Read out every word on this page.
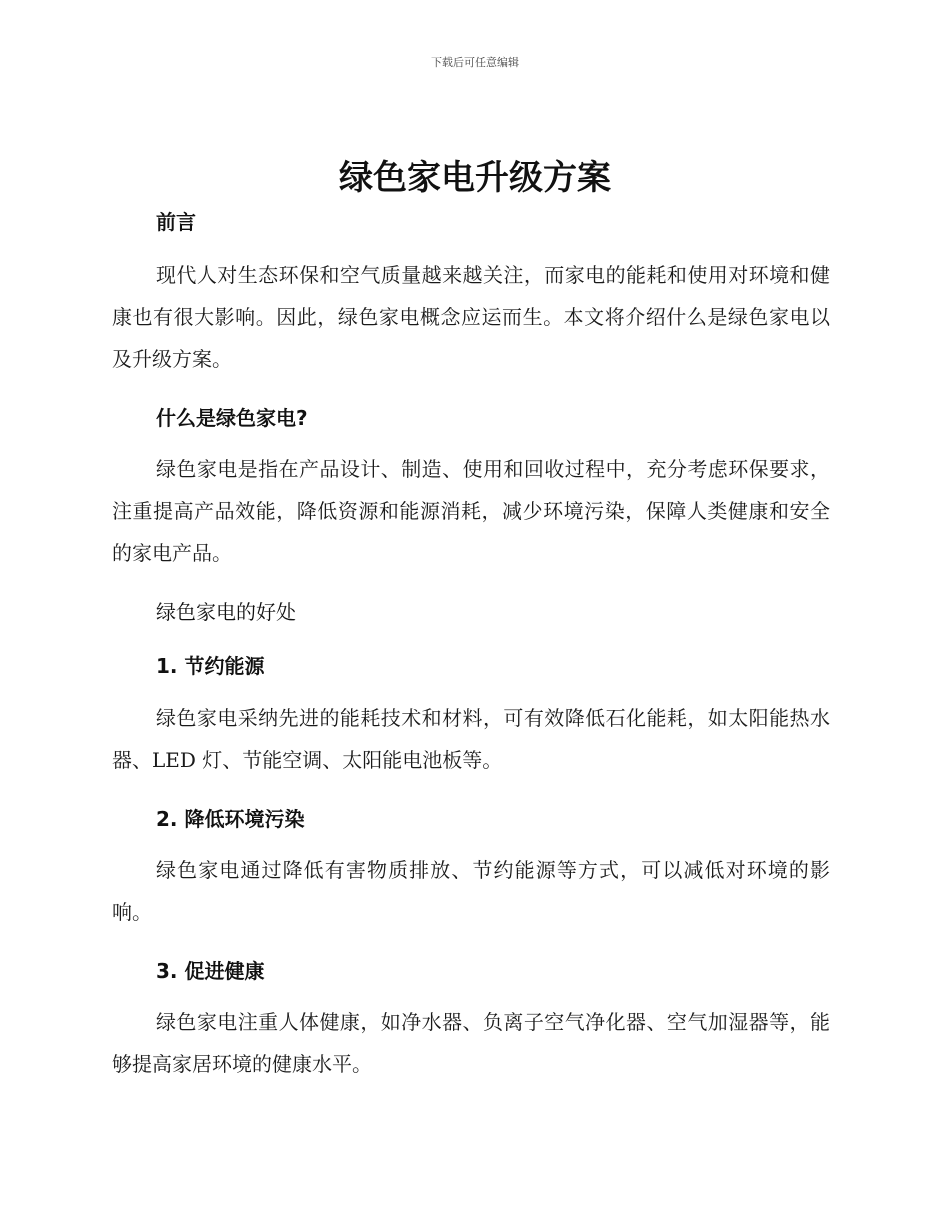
下载后可任意编辑
绿色家电升级方案
前言

现代人对生态环保和空气质量越来越关注，而家电的能耗和使用对环境和健康也有很大影响。因此，绿色家电概念应运而生。本文将介绍什么是绿色家电以及升级方案。

什么是绿色家电?

绿色家电是指在产品设计、制造、使用和回收过程中，充分考虑环保要求，注重提高产品效能，降低资源和能源消耗，减少环境污染，保障人类健康和安全的家电产品。

绿色家电的好处
1. 节约能源

绿色家电采纳先进的能耗技术和材料，可有效降低石化能耗，如太阳能热水器、LED 灯、节能空调、太阳能电池板等。

2. 降低环境污染

绿色家电通过降低有害物质排放、节约能源等方式，可以减低对环境的影响。

3. 促进健康

绿色家电注重人体健康，如净水器、负离子空气净化器、空气加湿器等，能够提高家居环境的健康水平。
